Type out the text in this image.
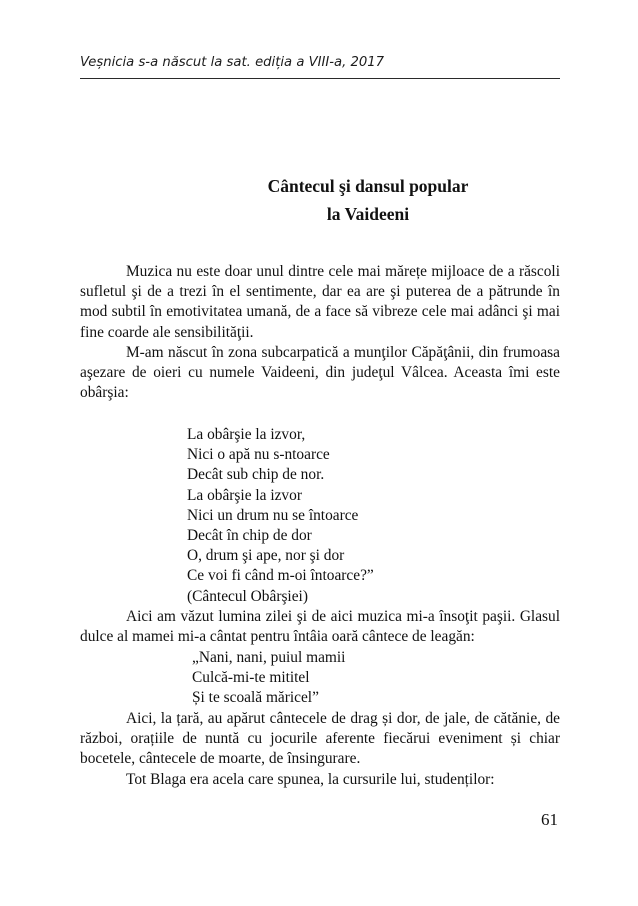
Veșnicia s-a născut la sat. ediția a VIII-a, 2017
Cântecul şi dansul popular
la Vaideeni

Muzica nu este doar unul dintre cele mai mărețe mijloace de a răscoli sufletul şi de a trezi în el sentimente, dar ea are şi puterea de a pătrunde în mod subtil în emotivitatea umană, de a face să vibreze cele mai adânci şi mai fine coarde ale sensibilităţii.

M-am născut în zona subcarpatică a munţilor Căpăţânii, din frumoasa aşezare de oieri cu numele Vaideeni, din judeţul Vâlcea. Aceasta îmi este obârşia:

La obârşie la izvor,
Nici o apă nu s-ntoarce
Decât sub chip de nor.
La obârşie la izvor
Nici un drum nu se întoarce
Decât în chip de dor
O, drum şi ape, nor şi dor
Ce voi fi când m-oi întoarce?”
(Cântecul Obârşiei)

Aici am văzut lumina zilei şi de aici muzica mi-a însoţit paşii. Glasul dulce al mamei mi-a cântat pentru întâia oară cântece de leagăn:

„Nani, nani, puiul mamii
Culcă-mi-te mititel
Și te scoală măricel”

Aici, la țară, au apărut cântecele de drag și dor, de jale, de cătănie, de război, orațiile de nuntă cu jocurile aferente fiecărui eveniment și chiar bocetele, cântecele de moarte, de însingurare.

Tot Blaga era acela care spunea, la cursurile lui, studenților:

61
